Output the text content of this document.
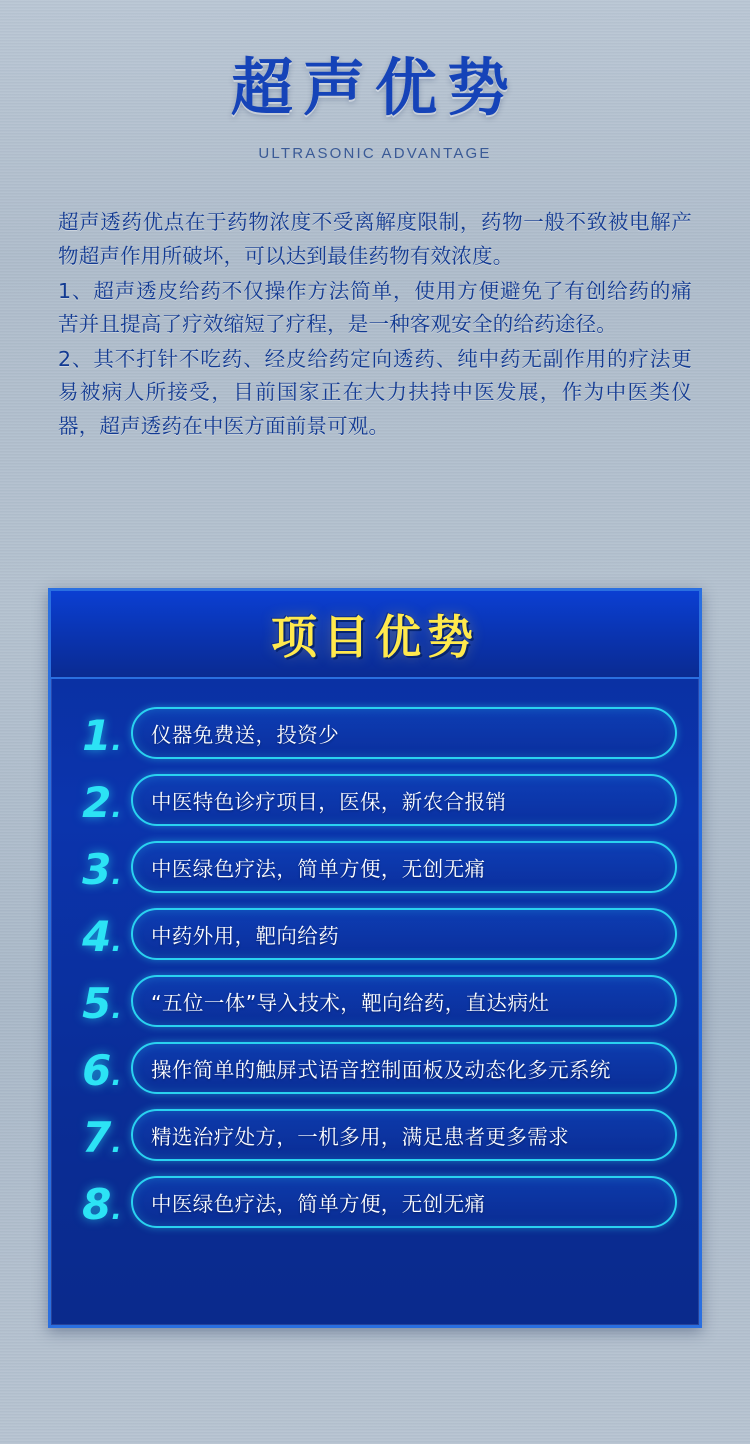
超声优势
ULTRASONIC ADVANTAGE

超声透药优点在于药物浓度不受离解度限制，药物一般不致被电解产物超声作用所破坏，可以达到最佳药物有效浓度。

1、超声透皮给药不仅操作方法简单，使用方便避免了有创给药的痛苦并且提高了疗效缩短了疗程，是一种客观安全的给药途径。

2、其不打针不吃药、经皮给药定向透药、纯中药无副作用的疗法更易被病人所接受，目前国家正在大力扶持中医发展，作为中医类仪器，超声透药在中医方面前景可观。

项目优势
1.	仪器免费送，投资少
2.	中医特色诊疗项目，医保，新农合报销
3.	中医绿色疗法，简单方便，无创无痛
4.	中药外用，靶向给药
5.	“五位一体”导入技术，靶向给药，直达病灶
6.	操作简单的触屏式语音控制面板及动态化多元系统
7.	精选治疗处方，一机多用，满足患者更多需求
8.	中医绿色疗法，简单方便，无创无痛
